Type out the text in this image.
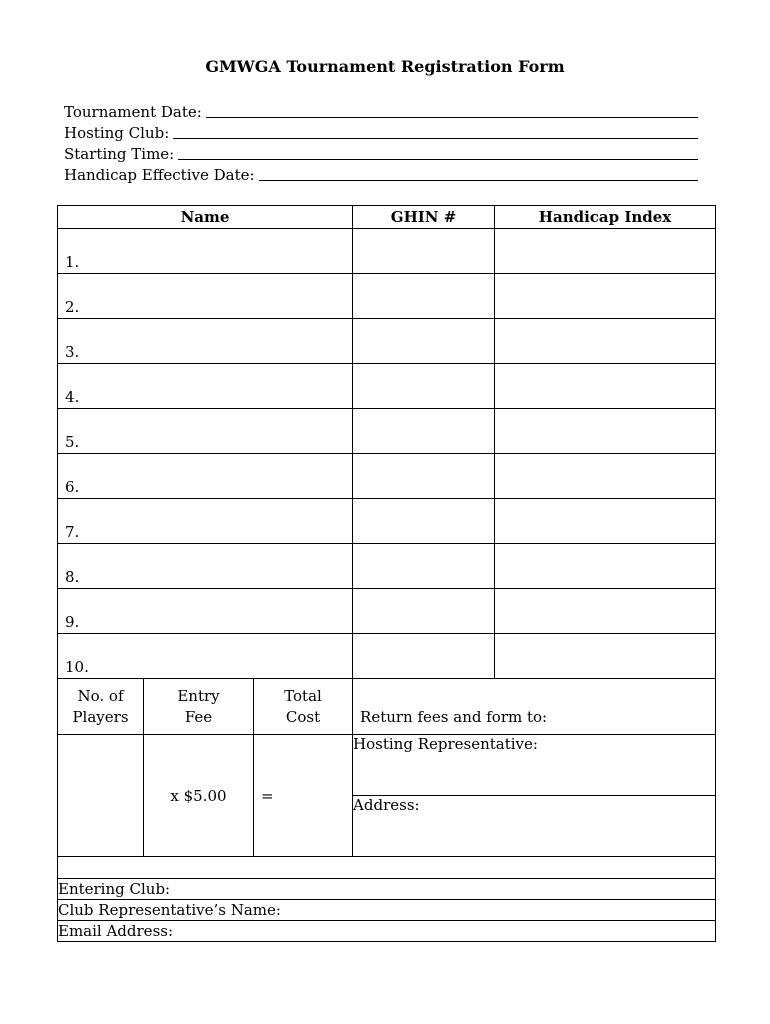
GMWGA Tournament Registration Form
Tournament Date:
Hosting Club:
Starting Time:
Handicap Effective Date:
Name			GHIN #	Handicap Index
1.				
2.				
3.				
4.				
5.				
6.				
7.				
8.				
9.				
10.				

No. of Players	Entry Fee	Total Cost	Return fees and form to:	
	x $5.00	=	Hosting Representative:	
			Address:	

Entering Club:				
Club Representative’s Name:				
Email Address:				
